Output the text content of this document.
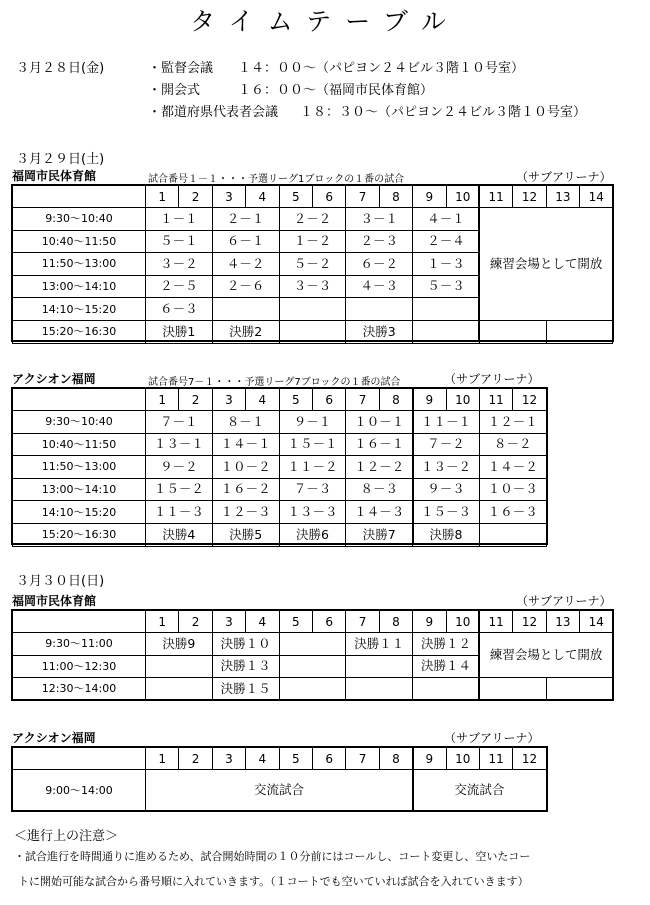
タイムテーブル
３月２８日(金)	・監督会議 １４：００～（パピヨン２４ビル３階１０号室）
・開会式	１６：００～（福岡市民体育館）
・都道府県代表者会議 １８：３０～（パピヨン２４ビル３階１０号室）
３月２９日(土)
福岡市民体育館	試合番号１－１・・・予選リーグ1ブロックの１番の試合	（サブアリーナ）
	1	2	3	4	5	6	7	8	9	10	11	12	13	14
9:30～10:40	１－１		２－１		２－２		３－１		４－１		練習会場として開放			
10:40～11:50	５－１		６－１		１－２		２－３		２－４					
11:50～13:00	３－２		４－２		５－２		６－２		１－３					
13:00～14:10	２－５		２－６		３－３		４－３		５－３					
14:10～15:20	６－３													
15:20～16:30	決勝1		決勝2				決勝3							
アクシオン福岡	試合番号7－１・・・予選リーグ7ブロックの１番の試合	（サブアリーナ）
	1	2	3	4	5	6	7	8	9	10	11	12
9:30～10:40	７－１		８－１		９－１		１０－１		１１－１		１２－１	
10:40～11:50	１３－１		１４－１		１５－１		１６－１		７－２		８－２	
11:50～13:00	９－２		１０－２		１１－２		１２－２		１３－２		１４－２	
13:00～14:10	１５－２		１６－２		７－３		８－３		９－３		１０－３	
14:10～15:20	１１－３		１２－３		１３－３		１４－３		１５－３		１６－３	
15:20～16:30	決勝4		決勝5		決勝6		決勝7		決勝8			
３月３０日(日)
福岡市民体育館	（サブアリーナ）
	1	2	3	4	5	6	7	8	9	10	11	12	13	14
9:30～11:00	決勝9		決勝１０				決勝１１		決勝１２		練習会場として開放			
11:00～12:30			決勝１３						決勝１４					
12:30～14:00			決勝１５											
アクシオン福岡	（サブアリーナ）
	1	2	3	4	5	6	7	8	9	10	11	12
9:00～14:00	交流試合								交流試合			
＜進行上の注意＞
・試合進行を時間通りに進めるため、試合開始時間の１０分前にはコールし、コート変更し、空いたコー
トに開始可能な試合から番号順に入れていきます。（１コートでも空いていれば試合を入れていきます）
